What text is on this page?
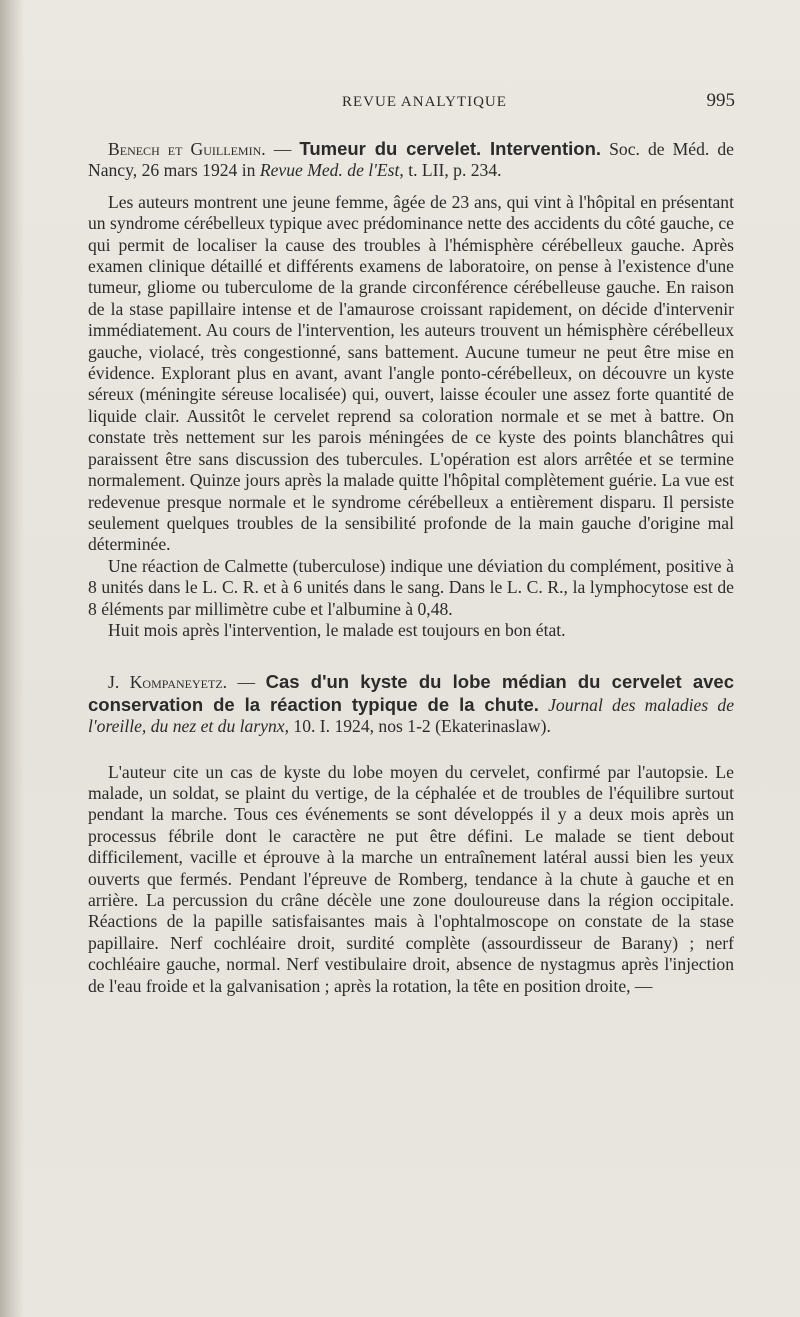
REVUE ANALYTIQUE	995

Benech et Guillemin. — Tumeur du cervelet. Intervention. Soc. de Méd. de Nancy, 26 mars 1924 in Revue Med. de l'Est, t. LII, p. 234.

Les auteurs montrent une jeune femme, âgée de 23 ans, qui vint à l'hôpital en présentant un syndrome cérébelleux typique avec prédominance nette des accidents du côté gauche, ce qui permit de localiser la cause des troubles à l'hémisphère cérébelleux gauche. Après examen clinique détaillé et différents examens de laboratoire, on pense à l'existence d'une tumeur, gliome ou tuberculome de la grande circonférence cérébelleuse gauche. En raison de la stase papillaire intense et de l'amaurose croissant rapidement, on décide d'intervenir immédiatement. Au cours de l'intervention, les auteurs trouvent un hémisphère cérébelleux gauche, violacé, très congestionné, sans battement. Aucune tumeur ne peut être mise en évidence. Explorant plus en avant, avant l'angle ponto-cérébelleux, on découvre un kyste séreux (méningite séreuse localisée) qui, ouvert, laisse écouler une assez forte quantité de liquide clair. Aussitôt le cervelet reprend sa coloration normale et se met à battre. On constate très nettement sur les parois méningées de ce kyste des points blanchâtres qui paraissent être sans discussion des tubercules. L'opération est alors arrêtée et se termine normalement. Quinze jours après la malade quitte l'hôpital complètement guérie. La vue est redevenue presque normale et le syndrome cérébelleux a entièrement disparu. Il persiste seulement quelques troubles de la sensibilité profonde de la main gauche d'origine mal déterminée.

Une réaction de Calmette (tuberculose) indique une déviation du complément, positive à 8 unités dans le L. C. R. et à 6 unités dans le sang. Dans le L. C. R., la lymphocytose est de 8 éléments par millimètre cube et l'albumine à 0,48.

Huit mois après l'intervention, le malade est toujours en bon état.

J. Kompaneyetz. — Cas d'un kyste du lobe médian du cervelet avec conservation de la réaction typique de la chute. Journal des maladies de l'oreille, du nez et du larynx, 10. I. 1924, nos 1-2 (Ekaterinaslaw).

L'auteur cite un cas de kyste du lobe moyen du cervelet, confirmé par l'autopsie. Le malade, un soldat, se plaint du vertige, de la céphalée et de troubles de l'équilibre surtout pendant la marche. Tous ces événements se sont développés il y a deux mois après un processus fébrile dont le caractère ne put être défini. Le malade se tient debout difficilement, vacille et éprouve à la marche un entraînement latéral aussi bien les yeux ouverts que fermés. Pendant l'épreuve de Romberg, tendance à la chute à gauche et en arrière. La percussion du crâne décèle une zone douloureuse dans la région occipitale. Réactions de la papille satisfaisantes mais à l'ophtalmoscope on constate de la stase papillaire. Nerf cochléaire droit, surdité complète (assourdisseur de Barany) ; nerf cochléaire gauche, normal. Nerf vestibulaire droit, absence de nystagmus après l'injection de l'eau froide et la galvanisation ; après la rotation, la tête en position droite, —
